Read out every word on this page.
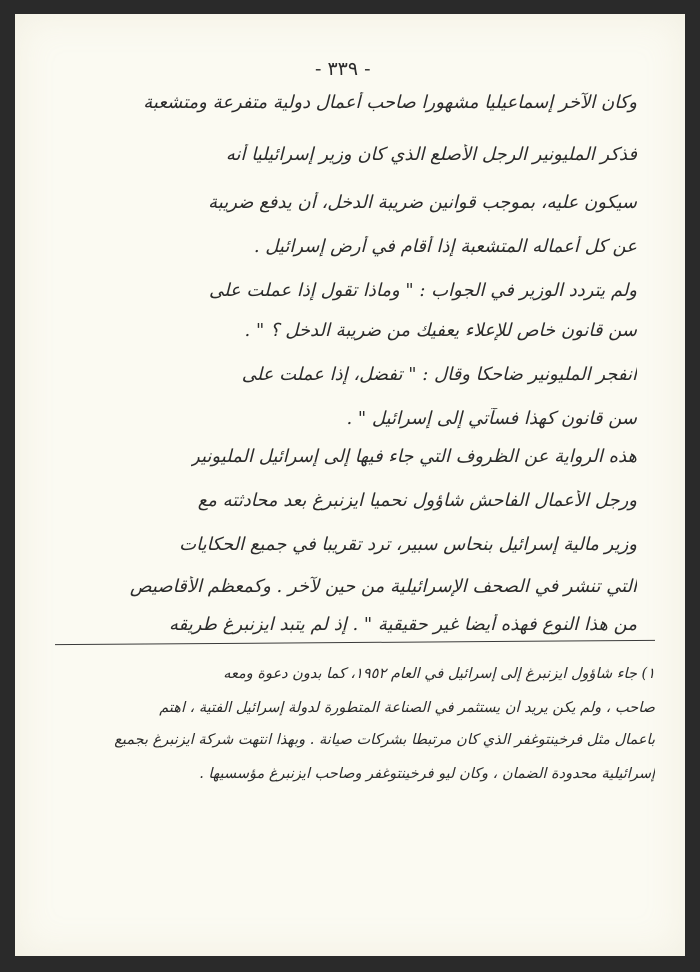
- ٣٣٩ -
وكان الآخر إسماعيليا مشهورا صاحب أعمال دولية متفرعة ومتشعبة
فذكر المليونير الرجل الأصلع الذي كان وزير إسرائيليا أنه
سيكون عليه، بموجب قوانين ضريبة الدخل، أن يدفع ضريبة
عن كل أعماله المتشعبة إذا أقام في أرض إسرائيل .
ولم يتردد الوزير في الجواب : " وماذا تقول إذا عملت على
سن قانون خاص للإعلاء يعفيك من ضريبة الدخل ؟ " .
انفجر المليونير ضاحكا وقال : " تفضل، إذا عملت على
سن قانون كهذا فسآتي إلى إسرائيل " .
هذه الرواية عن الظروف التي جاء فيها إلى إسرائيل المليونير
ورجل الأعمال الفاحش شاؤول نحميا ايزنبرغ بعد محادثته مع
وزير مالية إسرائيل بنحاس سبير، ترد تقريبا في جميع الحكايات
التي تنشر في الصحف الإسرائيلية من حين لآخر . وكمعظم الأقاصيص
من هذا النوع فهذه أيضا غير حقيقية " . إذ لم يتبد ايزنبرغ طريقه
١) جاء شاؤول ايزنبرغ إلى إسرائيل في العام ١٩٥٢، كما بدون دعوة ومعه
صاحب ، ولم يكن يريد أن يستثمر في الصناعة المتطورة لدولة إسرائيل الفتية ، اهتم
بأعمال مثل فرخينتوغفر الذي كان مرتبطا بشركات صيانة . وبهذا انتهت شركة ايزنبرغ بجميع
إسرائيلية محدودة الضمان ، وكان ليو فرخينتوغفر وصاحب ايزنبرغ مؤسسيها .
